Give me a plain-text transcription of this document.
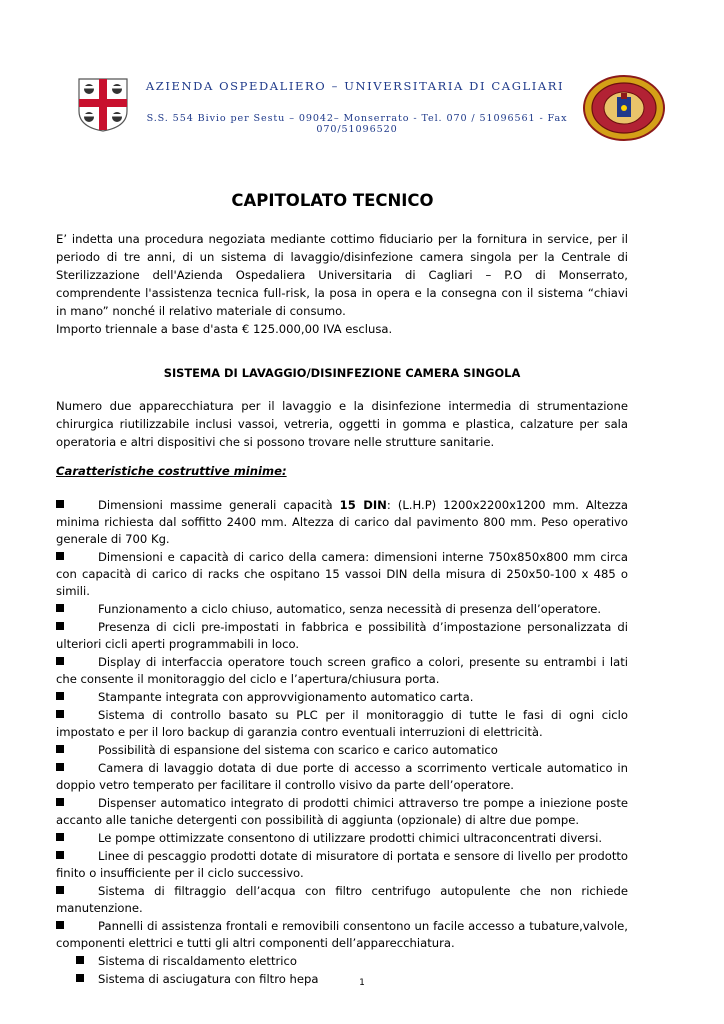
AZIENDA OSPEDALIERO – UNIVERSITARIA DI CAGLIARI
S.S. 554 Bivio per Sestu – 09042– Monserrato - Tel. 070 / 51096561 - Fax 070/51096520
CAPITOLATO TECNICO

E’ indetta una procedura negoziata mediante cottimo fiduciario per la fornitura in service, per il periodo di tre anni, di un sistema di lavaggio/disinfezione camera singola per la Centrale di Sterilizzazione dell'Azienda Ospedaliera Universitaria di Cagliari – P.O di Monserrato, comprendente l'assistenza tecnica full-risk, la posa in opera e la consegna con il sistema “chiavi in mano” nonché il relativo materiale di consumo.

Importo triennale a base d'asta € 125.000,00 IVA esclusa.

SISTEMA DI LAVAGGIO/DISINFEZIONE CAMERA SINGOLA
Numero due apparecchiatura per il lavaggio e la disinfezione intermedia di strumentazione chirurgica riutilizzabile inclusi vassoi, vetreria, oggetti in gomma e plastica, calzature per sala operatoria e altri dispositivi che si possono trovare nelle strutture sanitarie.
Caratteristiche costruttive minime:
Dimensioni massime generali capacità 15 DIN: (L.H.P) 1200x2200x1200 mm. Altezza minima richiesta dal soffitto 2400 mm. Altezza di carico dal pavimento 800 mm. Peso operativo generale di 700 Kg.
Dimensioni e capacità di carico della camera: dimensioni interne 750x850x800 mm circa con capacità di carico di racks che ospitano 15 vassoi DIN della misura di 250x50-100 x 485 o simili.
Funzionamento a ciclo chiuso, automatico, senza necessità di presenza dell’operatore.
Presenza di cicli pre-impostati in fabbrica e possibilità d’impostazione personalizzata di ulteriori cicli aperti programmabili in loco.
Display di interfaccia operatore touch screen grafico a colori, presente su entrambi i lati che consente il monitoraggio del ciclo e l’apertura/chiusura porta.
Stampante integrata con approvvigionamento automatico carta.
Sistema di controllo basato su PLC per il monitoraggio di tutte le fasi di ogni ciclo impostato e per il loro backup di garanzia contro eventuali interruzioni di elettricità.
Possibilità di espansione del sistema con scarico e carico automatico
Camera di lavaggio dotata di due porte di accesso a scorrimento verticale automatico in doppio vetro temperato per facilitare il controllo visivo da parte dell’operatore.
Dispenser automatico integrato di prodotti chimici attraverso tre pompe a iniezione poste accanto alle taniche detergenti con possibilità di aggiunta (opzionale) di altre due pompe.
Le pompe ottimizzate consentono di utilizzare prodotti chimici ultraconcentrati diversi.
Linee di pescaggio prodotti dotate di misuratore di portata e sensore di livello per prodotto finito o insufficiente per il ciclo successivo.
Sistema di filtraggio dell’acqua con filtro centrifugo autopulente che non richiede manutenzione.
Pannelli di assistenza frontali e removibili consentono un facile accesso a tubature,valvole, componenti elettrici e tutti gli altri componenti dell’apparecchiatura.
Sistema di riscaldamento elettrico
Sistema di asciugatura con filtro hepa	1
